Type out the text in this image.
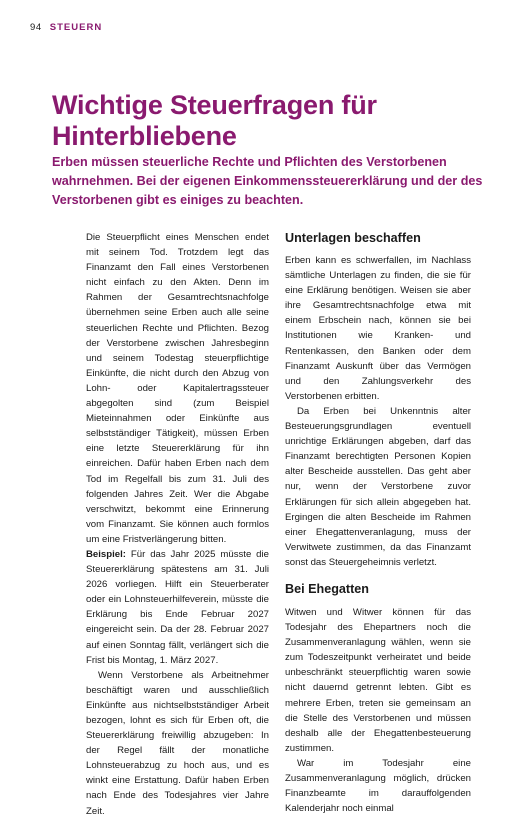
94 STEUERN
Wichtige Steuerfragen für Hinterbliebene

Erben müssen steuerliche Rechte und Pflichten des Verstorbenen wahrnehmen. Bei der eigenen Einkommenssteuererklärung und der des Verstorbenen gibt es einiges zu beachten.

Die Steuerpflicht eines Menschen endet mit seinem Tod. Trotzdem legt das Finanzamt den Fall eines Verstorbenen nicht einfach zu den Akten. Denn im Rahmen der Gesamtrechtsnachfolge übernehmen seine Erben auch alle seine steuerlichen Rechte und Pflichten. Bezog der Verstorbene zwischen Jahresbeginn und seinem Todestag steuerpflichtige Einkünfte, die nicht durch den Abzug von Lohn- oder Kapitalertragssteuer abgegolten sind (zum Beispiel Mieteinnahmen oder Einkünfte aus selbstständiger Tätigkeit), müssen Erben eine letzte Steuererklärung für ihn einreichen. Dafür haben Erben nach dem Tod im Regelfall bis zum 31. Juli des folgenden Jahres Zeit. Wer die Abgabe verschwitzt, bekommt eine Erinnerung vom Finanzamt. Sie können auch formlos um eine Fristverlängerung bitten.

Beispiel: Für das Jahr 2025 müsste die Steuererklärung spätestens am 31. Juli 2026 vorliegen. Hilft ein Steuerberater oder ein Lohnsteuerhilfeverein, müsste die Erklärung bis Ende Februar 2027 eingereicht sein. Da der 28. Februar 2027 auf einen Sonntag fällt, verlängert sich die Frist bis Montag, 1. März 2027.

Wenn Verstorbene als Arbeitnehmer beschäftigt waren und ausschließlich Einkünfte aus nichtselbstständiger Arbeit bezogen, lohnt es sich für Erben oft, die Steuererklärung freiwillig abzugeben: In der Regel fällt der monatliche Lohnsteuerabzug zu hoch aus, und es winkt eine Erstattung. Dafür haben Erben nach Ende des Todesjahres vier Jahre Zeit.

Unterlagen beschaffen

Erben kann es schwerfallen, im Nachlass sämtliche Unterlagen zu finden, die sie für eine Erklärung benötigen. Weisen sie aber ihre Gesamtrechtsnachfolge etwa mit einem Erbschein nach, können sie bei Institutionen wie Kranken- und Rentenkassen, den Banken oder dem Finanzamt Auskunft über das Vermögen und den Zahlungsverkehr des Verstorbenen erbitten.

Da Erben bei Unkenntnis alter Besteuerungsgrundlagen eventuell unrichtige Erklärungen abgeben, darf das Finanzamt berechtigten Personen Kopien alter Bescheide ausstellen. Das geht aber nur, wenn der Verstorbene zuvor Erklärungen für sich allein abgegeben hat. Ergingen die alten Bescheide im Rahmen einer Ehegattenveranlagung, muss der Verwitwete zustimmen, da das Finanzamt sonst das Steuergeheimnis verletzt.

Bei Ehegatten

Witwen und Witwer können für das Todesjahr des Ehepartners noch die Zusammenveranlagung wählen, wenn sie zum Todeszeitpunkt verheiratet und beide unbeschränkt steuerpflichtig waren sowie nicht dauernd getrennt lebten. Gibt es mehrere Erben, treten sie gemeinsam an die Stelle des Verstorbenen und müssen deshalb alle der Ehegattenbesteuerung zustimmen.

War im Todesjahr eine Zusammenveranlagung möglich, drücken Finanzbeamte im darauffolgenden Kalenderjahr noch einmal
